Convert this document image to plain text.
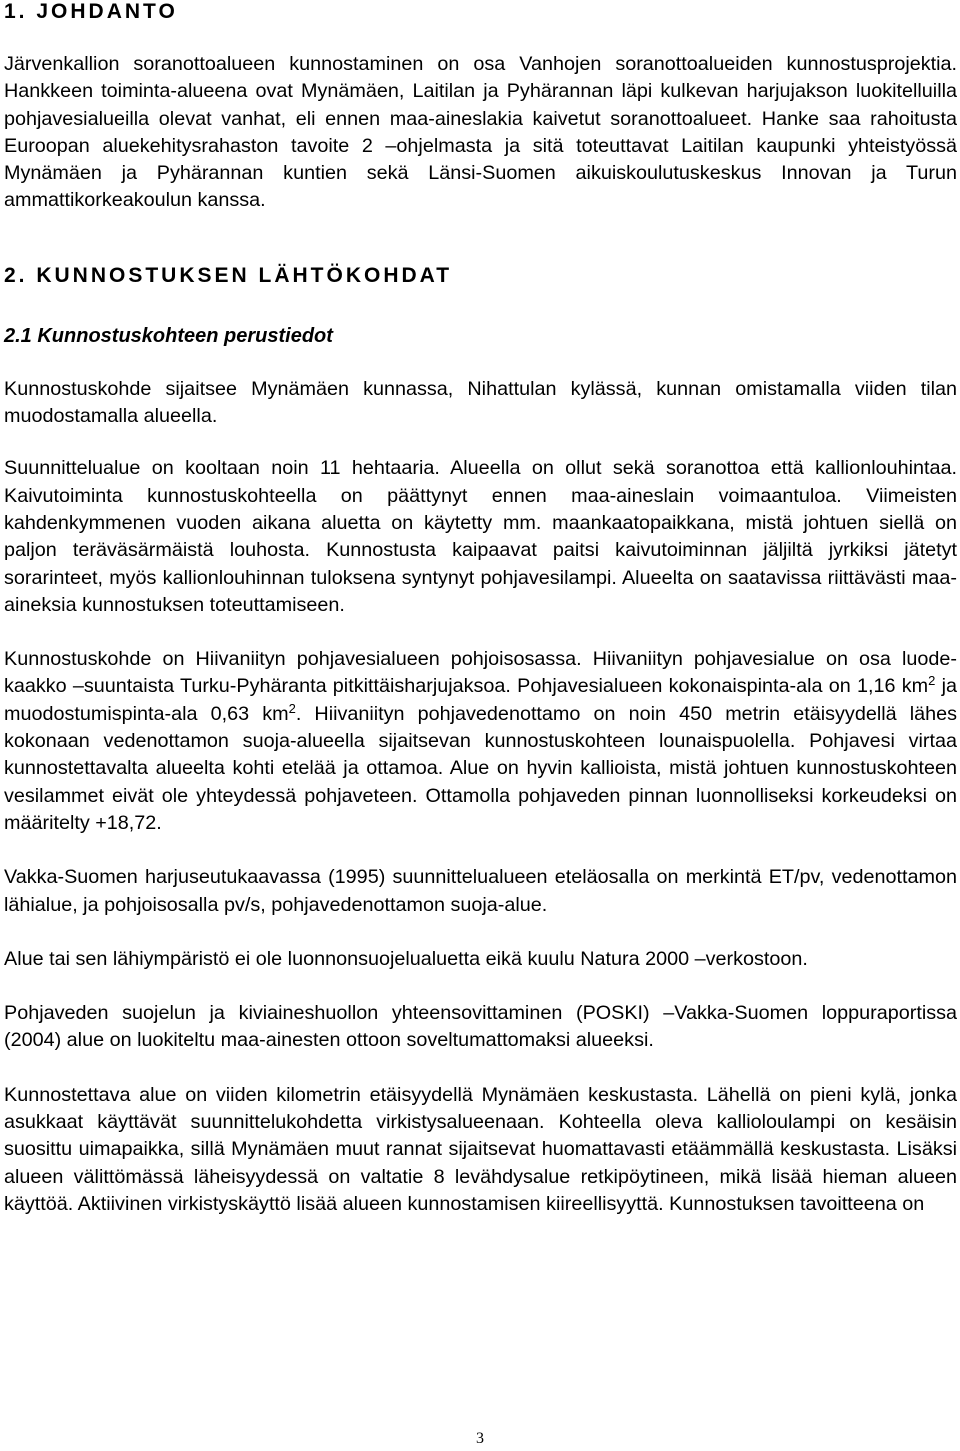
1. JOHDANTO

Järvenkallion soranottoalueen kunnostaminen on osa Vanhojen soranottoalueiden kunnostusprojektia. Hankkeen toiminta-alueena ovat Mynämäen, Laitilan ja Pyhärannan läpi kulkevan harjujakson luokitelluilla pohjavesialueilla olevat vanhat, eli ennen maa-aineslakia kaivetut soranottoalueet. Hanke saa rahoitusta Euroopan aluekehitysrahaston tavoite 2 –ohjelmasta ja sitä toteuttavat Laitilan kaupunki yhteistyössä Mynämäen ja Pyhärannan kuntien sekä Länsi-Suomen aikuiskoulutuskeskus Innovan ja Turun ammattikorkeakoulun kanssa.

2. KUNNOSTUKSEN LÄHTÖKOHDAT
2.1 Kunnostuskohteen perustiedot

Kunnostuskohde sijaitsee Mynämäen kunnassa, Nihattulan kylässä, kunnan omistamalla viiden tilan muodostamalla alueella.

Suunnittelualue on kooltaan noin 11 hehtaaria. Alueella on ollut sekä soranottoa että kallionlouhintaa. Kaivutoiminta kunnostuskohteella on päättynyt ennen maa-aineslain voimaantuloa. Viimeisten kahdenkymmenen vuoden aikana aluetta on käytetty mm. maankaatopaikkana, mistä johtuen siellä on paljon teräväsärmäistä louhosta. Kunnostusta kaipaavat paitsi kaivutoiminnan jäljiltä jyrkiksi jätetyt sorarinteet, myös kallionlouhinnan tuloksena syntynyt pohjavesilampi. Alueelta on saatavissa riittävästi maa-aineksia kunnostuksen toteuttamiseen.

Kunnostuskohde on Hiivaniityn pohjavesialueen pohjoisosassa. Hiivaniityn pohjavesialue on osa luode-kaakko –suuntaista Turku-Pyhäranta pitkittäisharjujaksoa. Pohjavesialueen kokonaispinta-ala on 1,16 $km^2$ ja muodostumispinta-ala 0,63 $km^2$. Hiivaniityn pohjavedenottamo on noin 450 metrin etäisyydellä lähes kokonaan vedenottamon suoja-alueella sijaitsevan kunnostuskohteen lounaispuolella. Pohjavesi virtaa kunnostettavalta alueelta kohti etelää ja ottamoa. Alue on hyvin kallioista, mistä johtuen kunnostuskohteen vesilammet eivät ole yhteydessä pohjaveteen. Ottamolla pohjaveden pinnan luonnolliseksi korkeudeksi on määritelty +18,72.

Vakka-Suomen harjuseutukaavassa (1995) suunnittelualueen eteläosalla on merkintä ET/pv, vedenottamon lähialue, ja pohjoisosalla pv/s, pohjavedenottamon suoja-alue.

Alue tai sen lähiympäristö ei ole luonnonsuojelualuetta eikä kuulu Natura 2000 –verkostoon.

Pohjaveden suojelun ja kiviaineshuollon yhteensovittaminen (POSKI) –Vakka-Suomen loppuraportissa (2004) alue on luokiteltu maa-ainesten ottoon soveltumattomaksi alueeksi.

Kunnostettava alue on viiden kilometrin etäisyydellä Mynämäen keskustasta. Lähellä on pieni kylä, jonka asukkaat käyttävät suunnittelukohdetta virkistysalueenaan. Kohteella oleva kallioloulampi on kesäisin suosittu uimapaikka, sillä Mynämäen muut rannat sijaitsevat huomattavasti etäämmällä keskustasta. Lisäksi alueen välittömässä läheisyydessä on valtatie 8 levähdysalue retkipöytineen, mikä lisää hieman alueen käyttöä. Aktiivinen virkistyskäyttö lisää alueen kunnostamisen kiireellisyyttä. Kunnostuksen tavoitteena on

3
